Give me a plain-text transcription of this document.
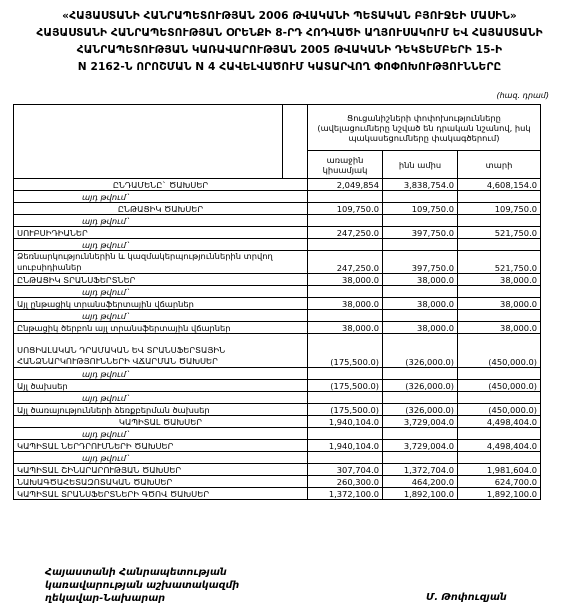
«ՀԱՅԱՍՏԱՆԻ ՀԱՆՐԱՊԵՏՈՒԹՅԱՆ 2006 ԹՎԱԿԱՆԻ ՊԵՏԱԿԱՆ ԲՅՈՒՋԵԻ ՄԱՍԻՆ»
ՀԱՅԱՍՏԱՆԻ ՀԱՆՐԱՊԵՏՈՒԹՅԱՆ ՕՐԵՆՔԻ 8-ՐԴ ՀՈԴՎԱԾԻ ԱՂՅՈՒՍԱԿՈՒՄ ԵՎ ՀԱՅԱՍՏԱՆԻ
ՀԱՆՐԱՊԵՏՈՒԹՅԱՆ ԿԱՌԱՎԱՐՈՒԹՅԱՆ 2005 ԹՎԱԿԱՆԻ ԴԵԿՏԵՄԲԵՐԻ 15-Ի
N 2162-Ն ՈՐՈՇՄԱՆ N 4 ՀԱՎԵԼՎԱԾՈՒՄ ԿԱՏԱՐՎՈՂ ՓՈՓՈԽՈՒԹՅՈՒՆՆԵՐԸ
(հազ. դրամ)
		Ցուցանիշների փոփոխությունները (ավելացումները նշված են դրական նշանով, իսկ պակասեցումները փակագծերում)		
		առաջին կիսամյակ	ինն ամիս	տարի
ԸՆԴԱՄԵՆԸ` ԾԱԽՍԵՐ		2,049,854	3,838,754.0	4,608,154.0
այդ թվում`				
ԸՆԹԱՑԻԿ ԾԱԽՍԵՐ		109,750.0	109,750.0	109,750.0
այդ թվում`				
ՍՈՒԲՍԻԴԻԱՆԵՐ		247,250.0	397,750.0	521,750.0
այդ թվում`				
Ձեռնարկություններին և կազմակերպություններին տրվող սուբսիդիաներ		247,250.0	397,750.0	521,750.0
ԸՆԹԱՑԻԿ ՏՐԱՆՍՖԵՐՏՆԵՐ		38,000.0	38,000.0	38,000.0
այդ թվում`				
Այլ ընթացիկ տրանսֆերտային վճարներ		38,000.0	38,000.0	38,000.0
այդ թվում`				
Ընթացիկ ծերբոն այլ տրանսֆերտային վճարներ		38,000.0	38,000.0	38,000.0
ՍՈՑԻԱԼԱԿԱՆ ԴՐԱՄԱԿԱՆ ԵՎ ՏՐԱՆՍՖԵՐՏԱՅԻՆ ՀԱՆՁՆԱՐԿՈՒԹՅՈՒՆՆԵՐԻ ՎՃԱՐՄԱՆ ԾԱԽՍԵՐ		(175,500.0)	(326,000.0)	(450,000.0)
այդ թվում`				
Այլ ծախսեր		(175,500.0)	(326,000.0)	(450,000.0)
այդ թվում`				
Այլ ծառայությունների ձեռքբերման ծախսեր		(175,500.0)	(326,000.0)	(450,000.0)
ԿԱՊԻՏԱԼ ԾԱԽՍԵՐ		1,940,104.0	3,729,004.0	4,498,404.0
այդ թվում`				
ԿԱՊԻՏԱԼ ՆԵՐԴՐՈՒՄՆԵՐԻ ԾԱԽՍԵՐ		1,940,104.0	3,729,004.0	4,498,404.0
այդ թվում`				
ԿԱՊԻՏԱԼ ՇԻՆԱՐԱՐՈՒԹՅԱՆ ԾԱԽՍԵՐ		307,704.0	1,372,704.0	1,981,604.0
ՆԱԽԱԳԾԱՀԵՏԱԶՈՏԱԿԱՆ ԾԱԽՍԵՐ		260,300.0	464,200.0	624,700.0
ԿԱՊԻՏԱԼ ՏՐԱՆՍՖԵՐՏՆԵՐԻ ԳԾՈՎ ԾԱԽՍԵՐ		1,372,100.0	1,892,100.0	1,892,100.0
Հայաստանի Հանրապետության
կառավարության աշխատակազմի
ղեկավար-Նախարար	Մ. Թոփուզյան
